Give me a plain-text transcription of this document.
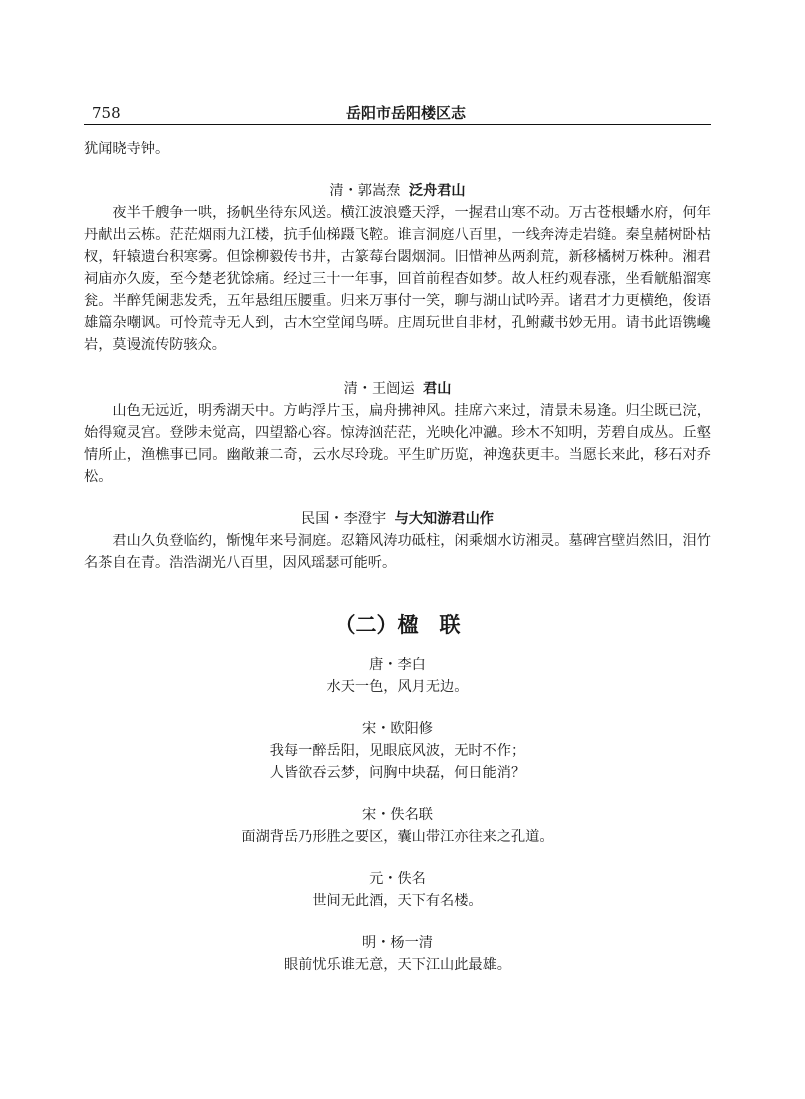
758	岳阳市岳阳楼区志

犹闻晓寺钟。

清・郭嵩焘 泛舟君山

夜半千艘争一哄，扬帆坐待东风送。横江波浪蹙天浮，一握君山寒不动。万古苍根蟠水府，何年丹献出云栋。茫茫烟雨九江楼，抗手仙梯蹑飞鞚。谁言洞庭八百里，一线奔涛走岩缝。秦皇赭树卧枯杈，轩辕遗台积寒雾。但馀柳毅传书井，古篆莓台閟烟洞。旧惜神丛两刹荒，新移橘树万株种。湘君祠庙亦久废，至今楚老犹馀痛。经过三十一年事，回首前程杳如梦。故人枉约观春涨，坐看觥船溜寒瓮。半醉凭阑悲发秃，五年悬组压腰重。归来万事付一笑，聊与湖山试吟弄。诸君才力更横绝，俊语雄篇杂嘲讽。可怜荒寺无人到，古木空堂闻鸟哢。庄周玩世自非材，孔鲋藏书妙无用。请书此语镌巉岩，莫谩流传防骇众。

清・王闿运 君山

山色无远近，明秀湖天中。方屿浮片玉，扁舟拂神风。挂席六来过，清景未易逢。归尘既已浣，始得窥灵宫。登陟未觉高，四望豁心容。惊涛汹茫茫，光映化冲瀜。珍木不知明，芳碧自成丛。丘壑情所止，渔樵事已同。幽敞兼二奇，云水尽玲珑。平生旷历览，神逸获更丰。当愿长来此，移石对乔松。

民国・李澄宇 与大知游君山作

君山久负登临约，惭愧年来号洞庭。忍籍风涛功砥柱，闲乘烟水访湘灵。墓碑宫壁岿然旧，泪竹名茶自在青。浩浩湖光八百里，因风瑶瑟可能听。

（二）楹　联

唐・李白

水天一色，风月无边。

宋・欧阳修

我每一醉岳阳，见眼底风波，无时不作；

人皆欲吞云梦，问胸中块磊，何日能消？

宋・佚名联

面湖背岳乃形胜之要区，囊山带江亦往来之孔道。

元・佚名

世间无此酒，天下有名楼。

明・杨一清

眼前忧乐谁无意，天下江山此最雄。
